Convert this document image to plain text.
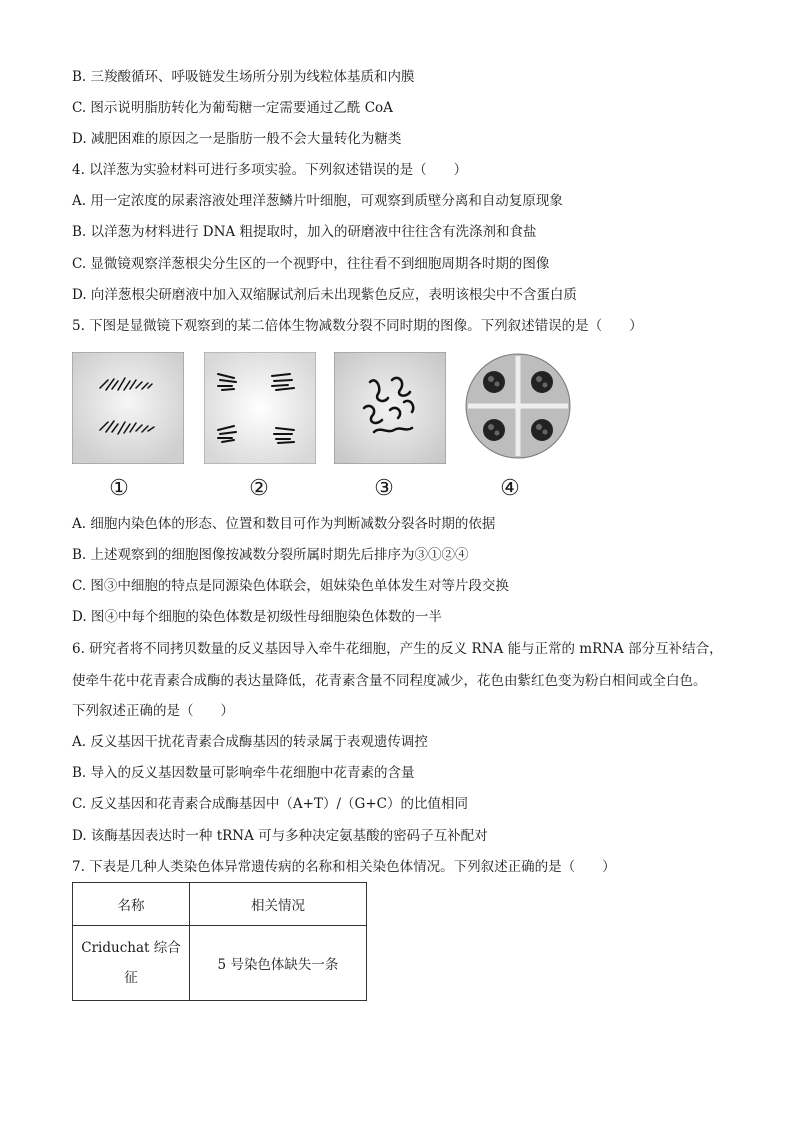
B. 三羧酸循环、呼吸链发生场所分别为线粒体基质和内膜
C. 图示说明脂肪转化为葡萄糖一定需要通过乙酰 CoA
D. 减肥困难的原因之一是脂肪一般不会大量转化为糖类
4. 以洋葱为实验材料可进行多项实验。下列叙述错误的是（　　）
A. 用一定浓度的尿素溶液处理洋葱鳞片叶细胞，可观察到质壁分离和自动复原现象
B. 以洋葱为材料进行 DNA 粗提取时，加入的研磨液中往往含有洗涤剂和食盐
C. 显微镜观察洋葱根尖分生区的一个视野中，往往看不到细胞周期各时期的图像
D. 向洋葱根尖研磨液中加入双缩脲试剂后未出现紫色反应，表明该根尖中不含蛋白质
5. 下图是显微镜下观察到的某二倍体生物减数分裂不同时期的图像。下列叙述错误的是（　　）
①	②	③	④
A. 细胞内染色体的形态、位置和数目可作为判断减数分裂各时期的依据
B. 上述观察到的细胞图像按减数分裂所属时期先后排序为③①②④
C. 图③中细胞的特点是同源染色体联会，姐妹染色单体发生对等片段交换
D. 图④中每个细胞的染色体数是初级性母细胞染色体数的一半
6. 研究者将不同拷贝数量的反义基因导入牵牛花细胞，产生的反义 RNA 能与正常的 mRNA 部分互补结合，
使牵牛花中花青素合成酶的表达量降低，花青素含量不同程度减少，花色由紫红色变为粉白相间或全白色。
下列叙述正确的是（　　）
A. 反义基因干扰花青素合成酶基因的转录属于表观遗传调控
B. 导入的反义基因数量可影响牵牛花细胞中花青素的含量
C. 反义基因和花青素合成酶基因中（A+T）/（G+C）的比值相同
D. 该酶基因表达时一种 tRNA 可与多种决定氨基酸的密码子互补配对
7. 下表是几种人类染色体异常遗传病的名称和相关染色体情况。下列叙述正确的是（　　）
名称	相关情况

Criduchat 综合
征	5 号染色体缺失一条
